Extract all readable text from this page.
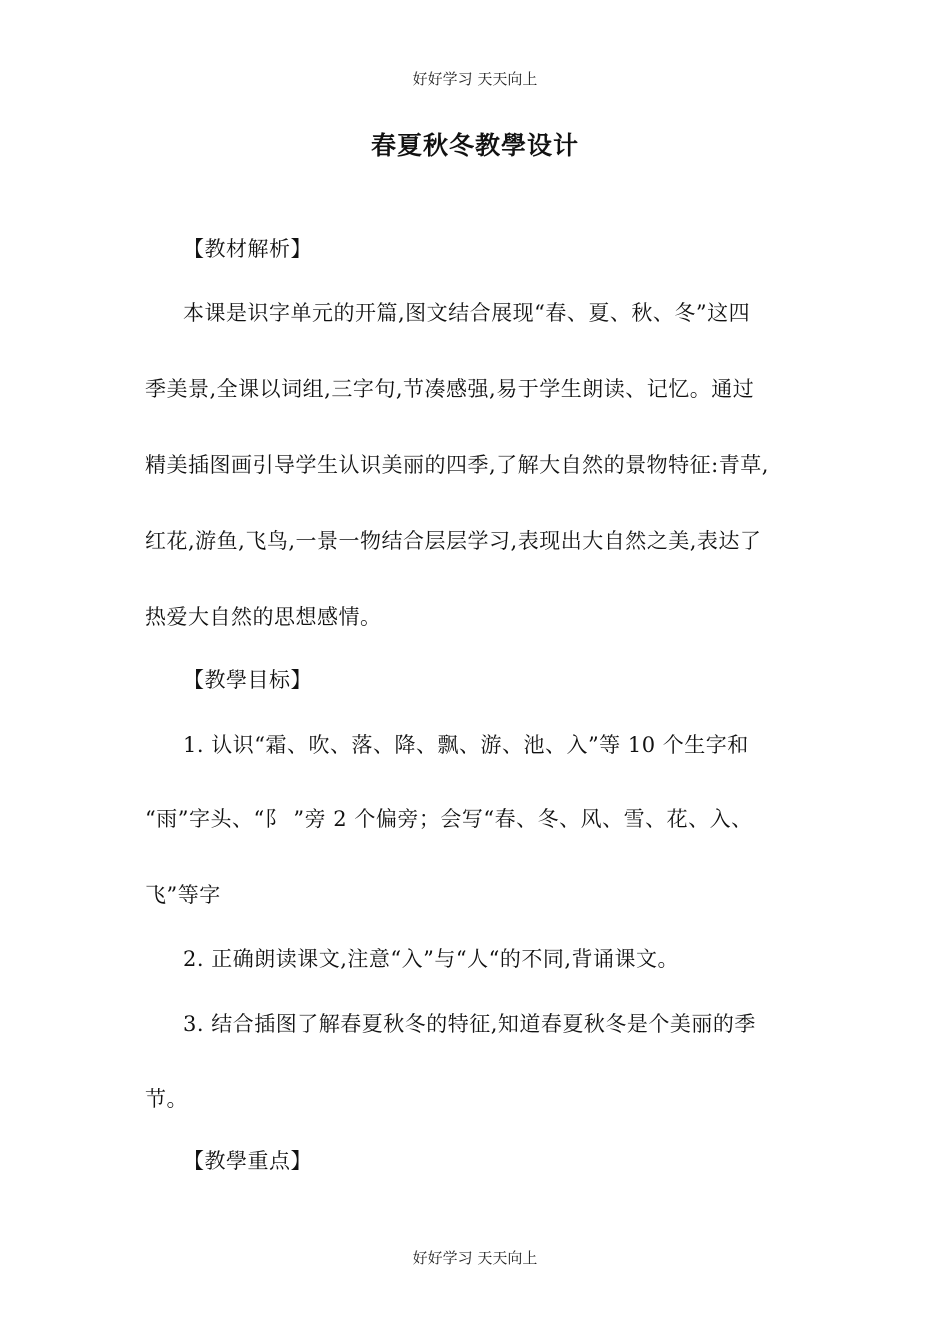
好好学习 天天向上
春夏秋冬教學设计
【教材解析】
本课是识字单元的开篇,图文结合展现“春、夏、秋、冬”这四
季美景,全课以词组,三字句,节凑感强,易于学生朗读、记忆。通过
精美插图画引导学生认识美丽的四季,了解大自然的景物特征:青草,
红花,游鱼,飞鸟,一景一物结合层层学习,表现出大自然之美,表达了
热爱大自然的思想感情。
【教學目标】
1. 认识“霜、吹、落、降、飘、游、池、入”等 10 个生字和
“雨”字头、“阝 ”旁 2 个偏旁；会写“春、冬、风、雪、花、入、
飞”等字
2. 正确朗读课文,注意“入”与“人“的不同,背诵课文。
3. 结合插图了解春夏秋冬的特征,知道春夏秋冬是个美丽的季
节。
【教學重点】
好好学习 天天向上
